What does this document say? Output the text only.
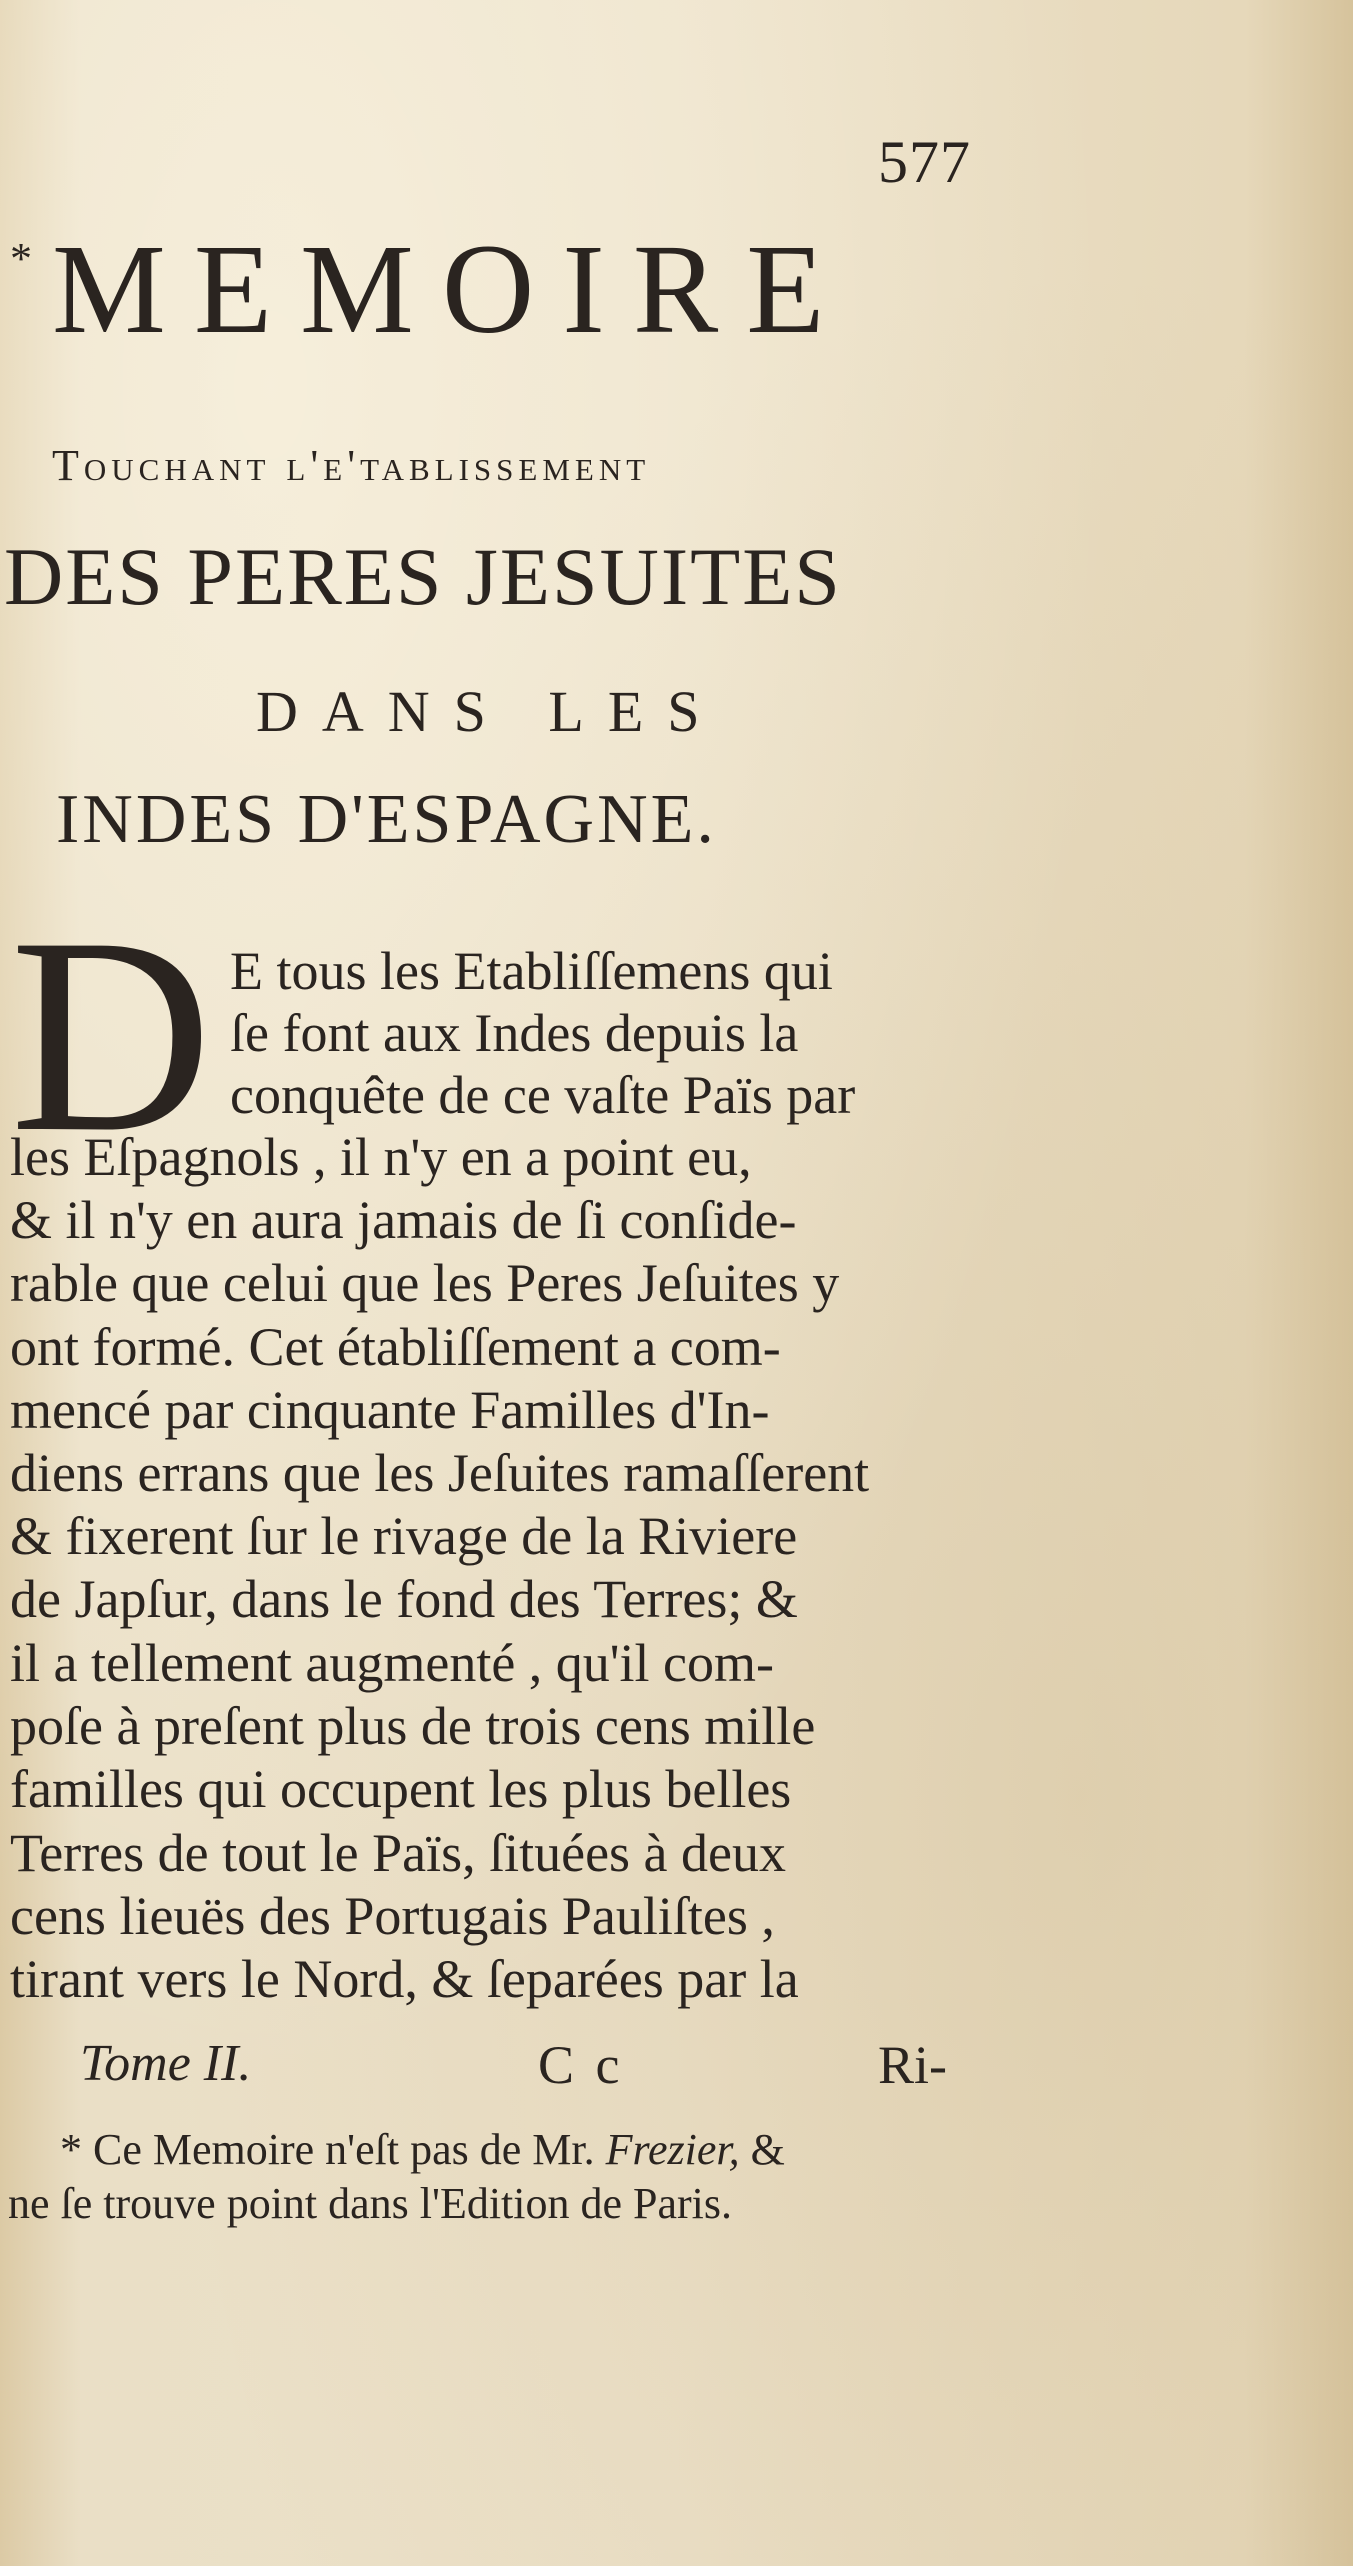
577
* MEMOIRE
Touchant l'e'tablissement
DES PERES JESUITES
DANS LES
INDES D'ESPAGNE.
D E tous les Etabliſſemens qui
ſe font aux Indes depuis la
conquête de ce vaſte Païs par
les Eſpagnols , il n'y en a point eu,
& il n'y en aura jamais de ſi conſide-
rable que celui que les Peres Jeſuites y
ont formé. Cet établiſſement a com-
mencé par cinquante Familles d'In-
diens errans que les Jeſuites ramaſſerent
& fixerent ſur le rivage de la Riviere
de Japſur, dans le fond des Terres; &
il a tellement augmenté , qu'il com-
poſe à preſent plus de trois cens mille
familles qui occupent les plus belles
Terres de tout le Païs, ſituées à deux
cens lieuës des Portugais Pauliſtes ,
tirant vers le Nord, & ſeparées par la
Tome II.	C c	Ri-
* Ce Memoire n'eſt pas de Mr. Frezier, &
ne ſe trouve point dans l'Edition de Paris.
